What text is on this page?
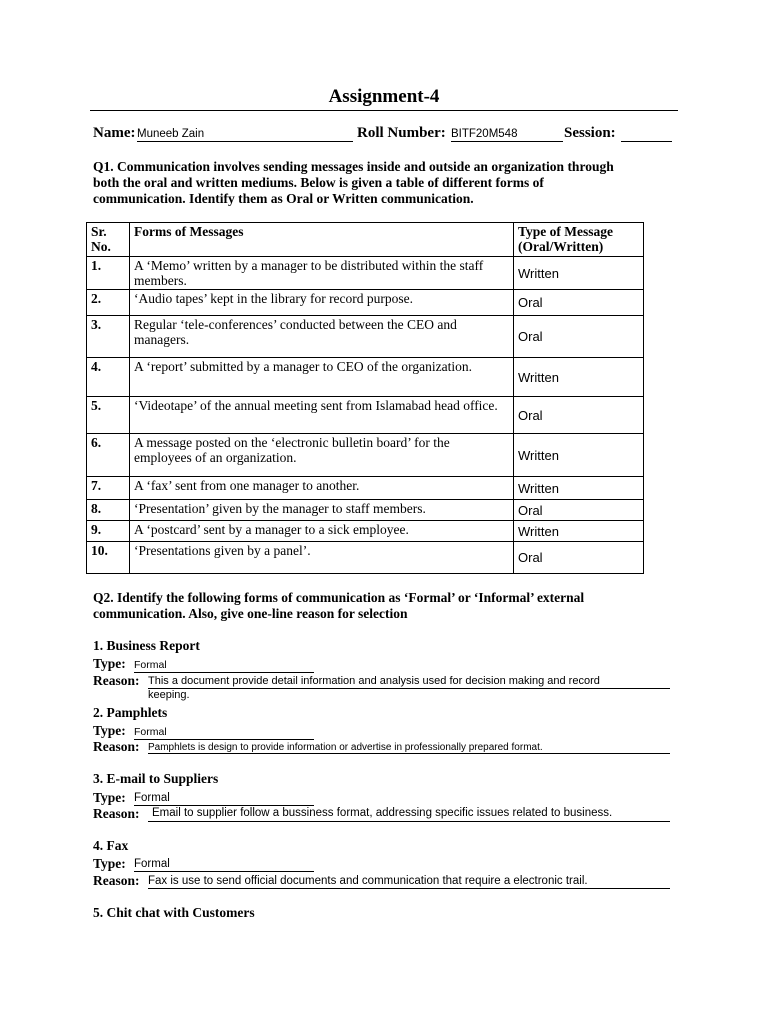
Assignment-4
Name: Muneeb Zain	Roll Number: BITF20M548	Session:
Q1. Communication involves sending messages inside and outside an organization through
both the oral and written mediums. Below is given a table of different forms of
communication. Identify them as Oral or Written communication.
Sr. No.	Forms of Messages	Type of Message (Oral/Written)
1.	A ‘Memo’ written by a manager to be distributed within the staff members.	Written
2.	‘Audio tapes’ kept in the library for record purpose.	Oral
3.	Regular ‘tele-conferences’ conducted between the CEO and managers.	Oral
4.	A ‘report’ submitted by a manager to CEO of the organization.	Written
5.	‘Videotape’ of the annual meeting sent from Islamabad head office.	Oral
6.	A message posted on the ‘electronic bulletin board’ for the employees of an organization.	Written
7.	A ‘fax’ sent from one manager to another.	Written
8.	‘Presentation’ given by the manager to staff members.	Oral
9.	A ‘postcard’ sent by a manager to a sick employee.	Written
10.	‘Presentations given by a panel’.	Oral
Q2. Identify the following forms of communication as ‘Formal’ or ‘Informal’ external
communication. Also, give one-line reason for selection
1. Business Report
Type: Formal
Reason: This a document provide detail information and analysis used for decision making and record
keeping.
2. Pamphlets
Type: Formal
Reason: Pamphlets is design to provide information or advertise in professionally prepared format.
3. E-mail to Suppliers
Type: Formal
Reason: Email to supplier follow a bussiness format, addressing specific issues related to business.
4. Fax
Type: Formal
Reason: Fax is use to send official documents and communication that require a electronic trail.
5. Chit chat with Customers
